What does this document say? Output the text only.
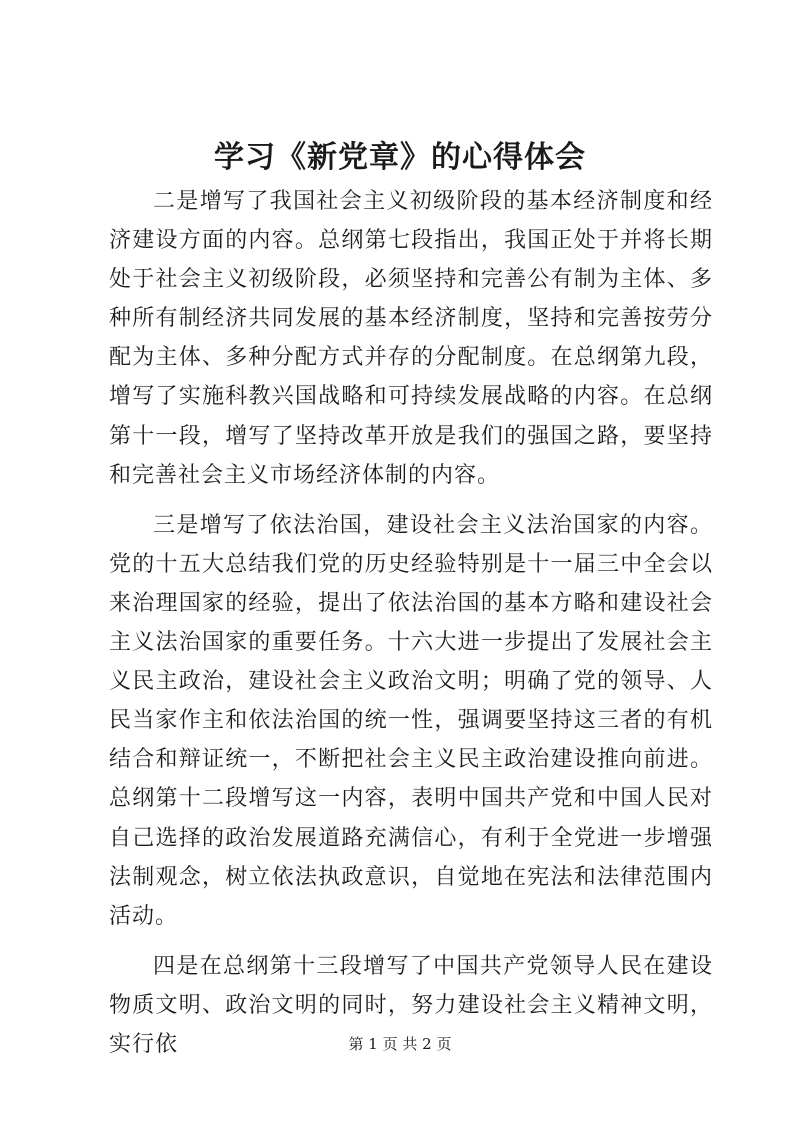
学习《新党章》的心得体会

二是增写了我国社会主义初级阶段的基本经济制度和经济建设方面的内容。总纲第七段指出，我国正处于并将长期处于社会主义初级阶段，必须坚持和完善公有制为主体、多种所有制经济共同发展的基本经济制度，坚持和完善按劳分配为主体、多种分配方式并存的分配制度。在总纲第九段，增写了实施科教兴国战略和可持续发展战略的内容。在总纲第十一段，增写了坚持改革开放是我们的强国之路，要坚持和完善社会主义市场经济体制的内容。

三是增写了依法治国，建设社会主义法治国家的内容。党的十五大总结我们党的历史经验特别是十一届三中全会以来治理国家的经验，提出了依法治国的基本方略和建设社会主义法治国家的重要任务。十六大进一步提出了发展社会主义民主政治，建设社会主义政治文明；明确了党的领导、人民当家作主和依法治国的统一性，强调要坚持这三者的有机结合和辩证统一，不断把社会主义民主政治建设推向前进。总纲第十二段增写这一内容，表明中国共产党和中国人民对自己选择的政治发展道路充满信心，有利于全党进一步增强法制观念，树立依法执政意识，自觉地在宪法和法律范围内活动。

四是在总纲第十三段增写了中国共产党领导人民在建设物质文明、政治文明的同时，努力建设社会主义精神文明，实行依	第 1 页 共 2 页
